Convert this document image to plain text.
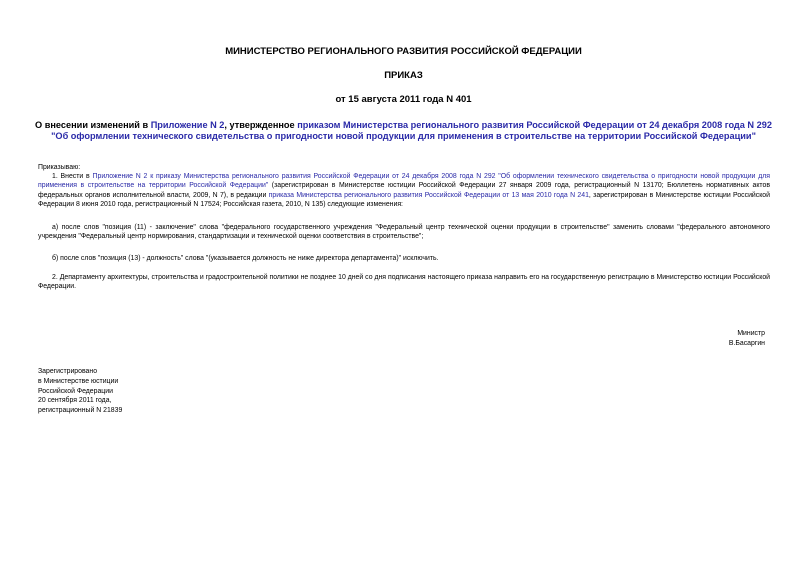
МИНИСТЕРСТВО РЕГИОНАЛЬНОГО РАЗВИТИЯ РОССИЙСКОЙ ФЕДЕРАЦИИ

ПРИКАЗ

от 15 августа 2011 года N 401

О внесении изменений в Приложение N 2, утвержденное приказом Министерства регионального развития Российской Федерации от 24 декабря 2008 года N 292 "Об оформлении технического свидетельства о пригодности новой продукции для применения в строительстве на территории Российской Федерации"

Приказываю:

1. Внести в Приложение N 2 к приказу Министерства регионального развития Российской Федерации от 24 декабря 2008 года N 292 "Об оформлении технического свидетельства о пригодности новой продукции для применения в строительстве на территории Российской Федерации" (зарегистрирован в Министерстве юстиции Российской Федерации 27 января 2009 года, регистрационный N 13170; Бюллетень нормативных актов федеральных органов исполнительной власти, 2009, N 7), в редакции приказа Министерства регионального развития Российской Федерации от 13 мая 2010 года N 241, зарегистрирован в Министерстве юстиции Российской Федерации 8 июня 2010 года, регистрационный N 17524; Российская газета, 2010, N 135) следующие изменения:

а) после слов "позиция (11) - заключение" слова "федерального государственного учреждения "Федеральный центр технической оценки продукции в строительстве" заменить словами "федерального автономного учреждения "Федеральный центр нормирования, стандартизации и технической оценки соответствия в строительстве";

б) после слов "позиция (13) - должность" слова "(указывается должность не ниже директора департамента)" исключить.

2. Департаменту архитектуры, строительства и градостроительной политики не позднее 10 дней со дня подписания настоящего приказа направить его на государственную регистрацию в Министерство юстиции Российской Федерации.

Министр
В.Басаргин
Зарегистрировано
в Министерстве юстиции
Российской Федерации
20 сентября 2011 года,
регистрационный N 21839
